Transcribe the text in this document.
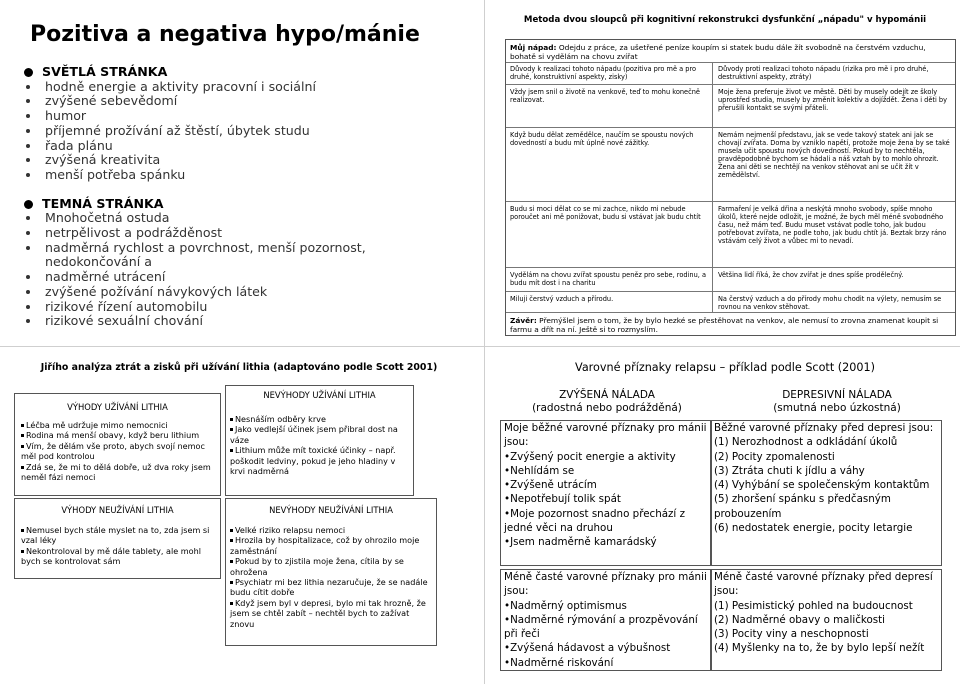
Pozitiva a negativa hypo/mánie
SVĚTLÁ STRÁNKA
hodně energie a aktivity pracovní i sociální
zvýšené sebevědomí
humor
příjemné prožívání až štěstí, úbytek studu
řada plánu
zvýšená kreativita
menší potřeba spánku
TEMNÁ STRÁNKA
Mnohočetná ostuda
netrpělivost a podrážděnost
nadměrná rychlost a povrchnost, menší pozornost,
nedokončování a
nadměrné utrácení
zvýšené požívání návykových látek
rizikové řízení automobilu
rizikové sexuální chování
Metoda dvou sloupců při kognitivní rekonstrukci dysfunkční „nápadu" v hypománii
Můj nápad: Odejdu z práce, za ušetřené peníze koupím si statek budu dále žít svobodně na čerstvém vzduchu, bohatě si vydělám na chovu zvířat
Důvody k realizaci tohoto nápadu (pozitiva pro mě a pro druhé, konstruktivní aspekty, zisky)
Důvody proti realizaci tohoto nápadu (rizika pro mě i pro druhé, destruktivní aspekty, ztráty)
Vždy jsem snil o životě na venkově, teď to mohu konečně realizovat.
Moje žena preferuje život ve městě. Děti by musely odejít ze školy uprostřed studia, musely by změnit kolektiv a dojíždět. Žena i děti by přerušili kontakt se svými přáteli.
Když budu dělat zemědělce, naučím se spoustu nových dovedností a budu mít úplně nové zážitky.
Nemám nejmenší představu, jak se vede takový statek ani jak se chovají zvířata. Doma by vzniklo napětí, protože moje žena by se také musela učit spoustu nových dovedností. Pokud by to nechtěla, pravděpodobně bychom se hádali a náš vztah by to mohlo ohrozit. Žena ani děti se nechtějí na venkov stěhovat ani se učit žít v zemědělství.
Budu si moci dělat co se mi zachce, nikdo mi nebude poroučet ani mě ponižovat, budu si vstávat jak budu chtít
Farmaření je velká dřina a neskýtá mnoho svobody, spíše mnoho úkolů, které nejde odložit, je možné, že bych měl méně svobodného času, než mám teď. Budu muset vstávat podle toho, jak budou potřebovat zvířata, ne podle toho, jak budu chtít já. Beztak brzy ráno vstávám celý život a vůbec mi to nevadí.
Vydělám na chovu zvířat spoustu peněz pro sebe, rodinu, a budu mít dost i na charitu
Většina lidí říká, že chov zvířat je dnes spíše prodělečný.
Miluji čerstvý vzduch a přírodu.	Na čerstvý vzduch a do přírody mohu chodit na výlety, nemusím se rovnou na venkov stěhovat.
Závěr: Přemýšlel jsem o tom, že by bylo hezké se přestěhovat na venkov, ale nemusí to zrovna znamenat koupit si farmu a dřít na ní. Ještě si to rozmyslím.
Jiřího analýza ztrát a zisků při užívání lithia (adaptováno podle Scott 2001)
VÝHODY UŽÍVÁNÍ LITHIA
Léčba mě udržuje mimo nemocnici
Rodina má menší obavy, když beru lithium
Vím, že dělám vše proto, abych svojí nemoc měl pod kontrolou
Zdá se, že mi to dělá dobře, už dva roky jsem neměl fázi nemoci
NEVÝHODY UŽÍVÁNÍ LITHIA
Nesnáším odběry krve
Jako vedlejší účinek jsem přibral dost na váze
Lithium může mít toxické účinky – např. poškodit ledviny, pokud je jeho hladiny v krvi nadměrná
VÝHODY NEUŽÍVÁNÍ LITHIA
Nemusel bych stále myslet na to, zda jsem si vzal léky
Nekontroloval by mě dále tablety, ale mohl bych se kontrolovat sám
NEVÝHODY NEUŽÍVÁNÍ LITHIA
Velké riziko relapsu nemoci
Hrozila by hospitalizace, což by ohrozilo moje zaměstnání
Pokud by to zjistila moje žena, cítila by se ohrožena
Psychiatr mi bez lithia nezaručuje, že se nadále budu cítit dobře
Když jsem byl v depresi, bylo mi tak hrozně, že jsem se chtěl zabít – nechtěl bych to zažívat znovu
Varovné příznaky relapsu – příklad podle Scott (2001)
ZVÝŠENÁ NÁLADA
(radostná nebo podrážděná)
DEPRESIVNÍ NÁLADA
(smutná nebo úzkostná)
Moje běžné varovné příznaky pro mánii jsou:
•Zvýšený pocit energie a aktivity
•Nehlídám se
•Zvýšeně utrácím
•Nepotřebují tolik spát
•Moje pozornost snadno přechází z jedné věci na druhou
•Jsem nadměrně kamarádský
Méně časté varovné příznaky pro mánii jsou:
•Nadměrný optimismus
•Nadměrné rýmování a prozpěvování při řeči
•Zvýšená hádavost a výbušnost
•Nadměrné riskování
Běžné varovné příznaky před depresi jsou:
(1) Nerozhodnost a odkládání úkolů
(2) Pocity zpomalenosti
(3) Ztráta chuti k jídlu a váhy
(4) Vyhýbání se společenským kontaktům
(5) zhoršení spánku s předčasným probouzením
(6) nedostatek energie, pocity letargie
Méně časté varovné příznaky před depresí jsou:
(1) Pesimistický pohled na budoucnost
(2) Nadměrné obavy o maličkosti
(3) Pocity viny a neschopnosti
(4) Myšlenky na to, že by bylo lepší nežít
